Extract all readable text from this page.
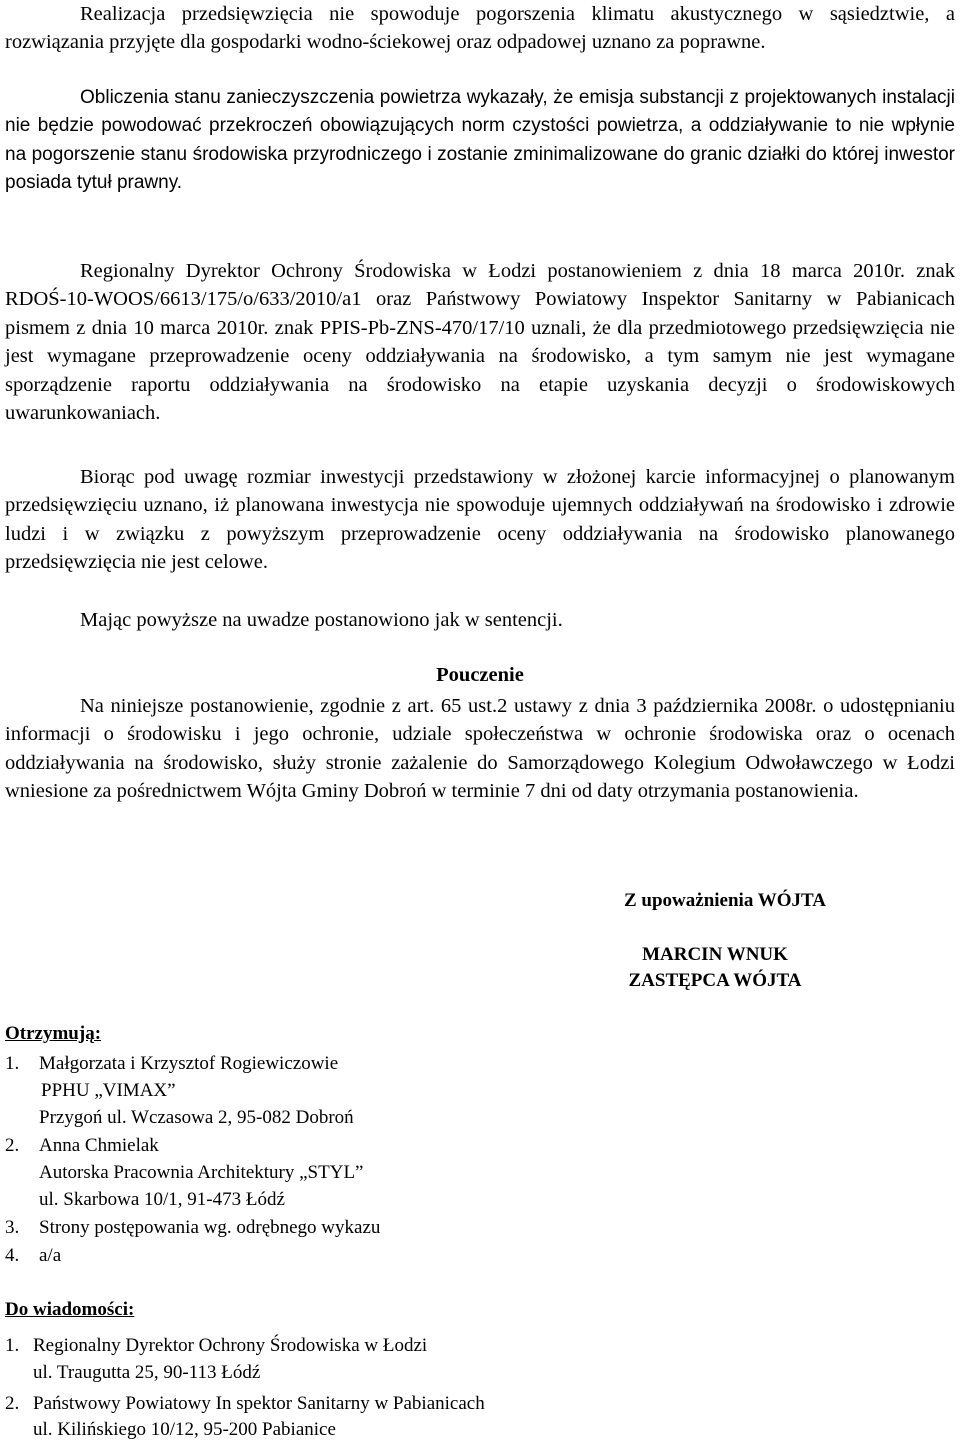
Realizacja przedsięwzięcia nie spowoduje pogorszenia klimatu akustycznego w sąsiedztwie, a rozwiązania przyjęte dla gospodarki wodno-ściekowej oraz odpadowej uznano za poprawne.

Obliczenia stanu zanieczyszczenia powietrza wykazały, że emisja substancji z projektowanych instalacji nie będzie powodować przekroczeń obowiązujących norm czystości powietrza, a oddziaływanie to nie wpłynie na pogorszenie stanu środowiska przyrodniczego i zostanie zminimalizowane do granic działki do której inwestor posiada tytuł prawny.

Regionalny Dyrektor Ochrony Środowiska w Łodzi postanowieniem z dnia 18 marca 2010r. znak RDOŚ-10-WOOS/6613/175/o/633/2010/a1 oraz Państwowy Powiatowy Inspektor Sanitarny w Pabianicach pismem z dnia 10 marca 2010r. znak PPIS-Pb-ZNS-470/17/10 uznali, że dla przedmiotowego przedsięwzięcia nie jest wymagane przeprowadzenie oceny oddziaływania na środowisko, a tym samym nie jest wymagane sporządzenie raportu oddziaływania na środowisko na etapie uzyskania decyzji o środowiskowych uwarunkowaniach.

Biorąc pod uwagę rozmiar inwestycji przedstawiony w złożonej karcie informacyjnej o planowanym przedsięwzięciu uznano, iż planowana inwestycja nie spowoduje ujemnych oddziaływań na środowisko i zdrowie ludzi i w związku z powyższym przeprowadzenie oceny oddziaływania na środowisko planowanego przedsięwzięcia nie jest celowe.

Mając powyższe na uwadze postanowiono jak w sentencji.

Pouczenie

Na niniejsze postanowienie, zgodnie z art. 65 ust.2 ustawy z dnia 3 października 2008r. o udostępnianiu informacji o środowisku i jego ochronie, udziale społeczeństwa w ochronie środowiska oraz o ocenach oddziaływania na środowisko, służy stronie zażalenie do Samorządowego Kolegium Odwoławczego w Łodzi wniesione za pośrednictwem Wójta Gminy Dobroń w terminie 7 dni od daty otrzymania postanowienia.

Z upoważnienia WÓJTA
MARCIN WNUK
ZASTĘPCA WÓJTA
Otrzymują:
1. Małgorzata i Krzysztof Rogiewiczowie
PPHU „VIMAX”
Przygoń ul. Wczasowa 2, 95-082 Dobroń
2. Anna Chmielak
Autorska Pracownia Architektury „STYL”
ul. Skarbowa 10/1, 91-473 Łódź
3. Strony postępowania wg. odrębnego wykazu
4. a/a
Do wiadomości:
1. Regionalny Dyrektor Ochrony Środowiska w Łodzi
ul. Traugutta 25, 90-113 Łódź
2. Państwowy Powiatowy In spektor Sanitarny w Pabianicach
ul. Kilińskiego 10/12, 95-200 Pabianice
